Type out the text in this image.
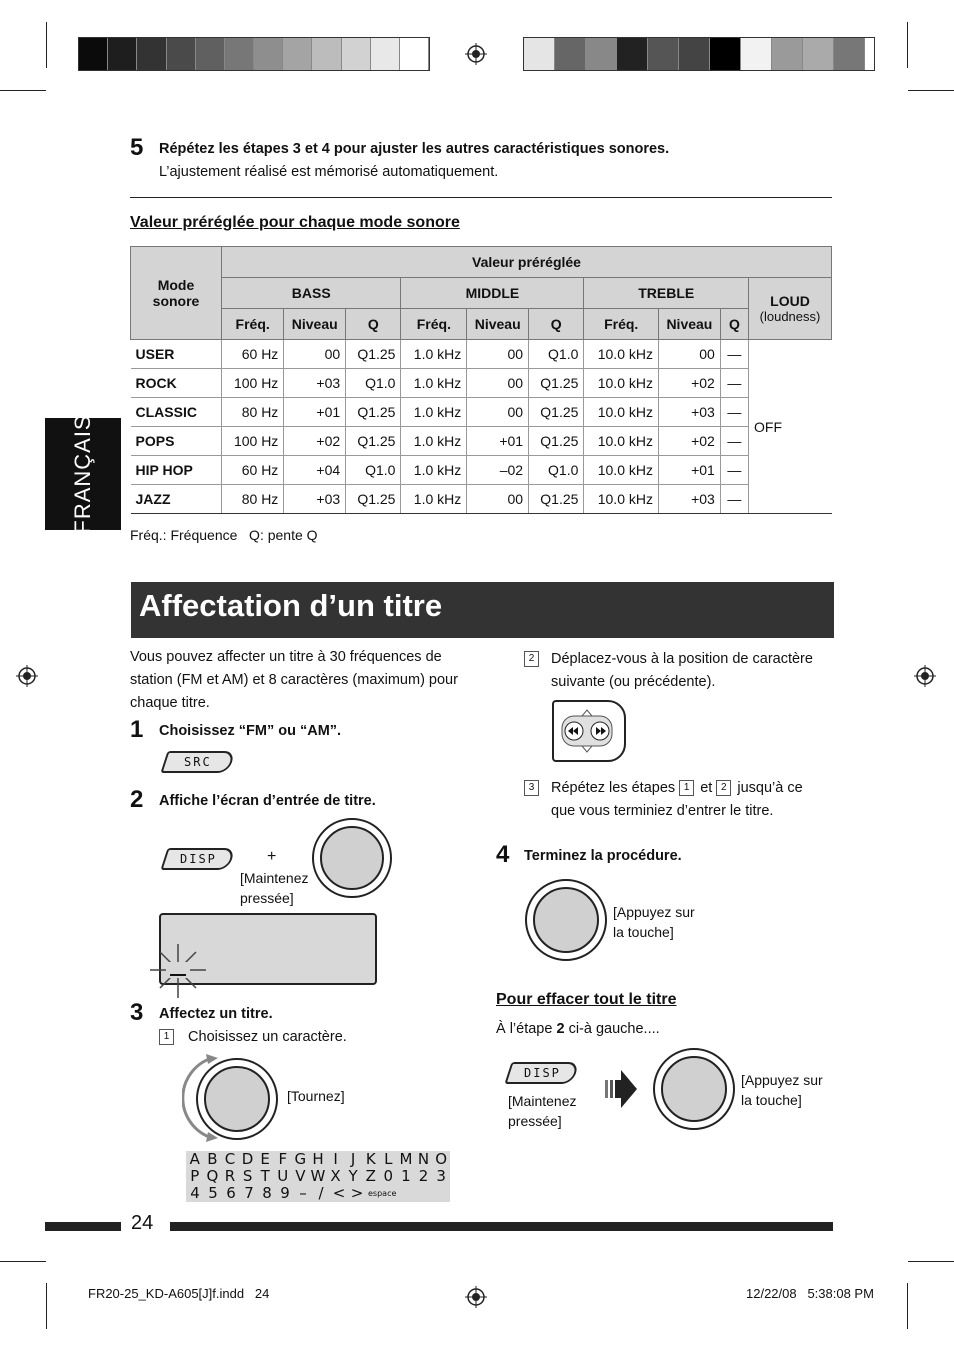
5 Répétez les étapes 3 et 4 pour ajuster les autres caractéristiques sonores.
L’ajustement réalisé est mémorisé automatiquement.
Valeur préréglée pour chaque mode sonore
Mode
sonore	Valeur préréglée									
	BASS			MIDDLE			TREBLE			LOUD
(loudness)

	Fréq.	Niveau	Q	Fréq.	Niveau	Q	Fréq.	Niveau	Q	
USER	60 Hz	00	Q1.25	1.0 kHz	00	Q1.0	10.0 kHz	00	—	OFF
ROCK	100 Hz	+03	Q1.0	1.0 kHz	00	Q1.25	10.0 kHz	+02	—	
CLASSIC	80 Hz	+01	Q1.25	1.0 kHz	00	Q1.25	10.0 kHz	+03	—	
POPS	100 Hz	+02	Q1.25	1.0 kHz	+01	Q1.25	10.0 kHz	+02	—	
HIP HOP	60 Hz	+04	Q1.0	1.0 kHz	–02	Q1.0	10.0 kHz	+01	—	
JAZZ	80 Hz	+03	Q1.25	1.0 kHz	00	Q1.25	10.0 kHz	+03	—	
Fréq.: Fréquence   Q: pente Q
FRANÇAIS
Affectation d’un titre
Vous pouvez affecter un titre à 30 fréquences de station (FM et AM) et 8 caractères (maximum) pour chaque titre.
1 Choisissez “FM” ou “AM”.
SRC
2 Affiche l’écran d’entrée de titre.
DISP	+
[Maintenez pressée]
3 Affectez un titre.
1 Choisissez un caractère.
[Tournez]
A B C D E F G H I J K L M N O
P Q R S T U V W X Y Z 0 1 2 3
4 5 6 7 8 9 – / < > espace
2	Déplacez-vous à la position de caractère suivante (ou précédente).
3	Répétez les étapes 1 et 2 jusqu’à ce que vous terminiez d’entrer le titre.
4 Terminez la procédure.
[Appuyez sur la touche]
Pour effacer tout le titre
À l’étape 2 ci-à gauche....
DISP
[Maintenez pressée]
[Appuyez sur la touche]
24
FR20-25_KD-A605[J]f.indd   24	12/22/08   5:38:08 PM
